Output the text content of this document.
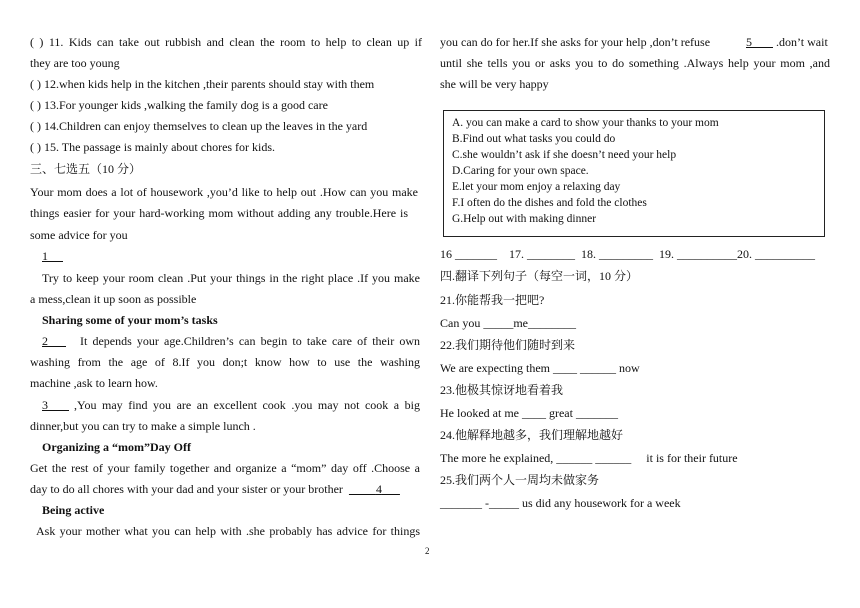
( ) 11. Kids can take out rubbish and clean the room to help to clean up if
they are too young
( ) 12.when kids help in the kitchen ,their parents should stay with them
( ) 13.For younger kids ,walking the family dog is a good care
( ) 14.Children can enjoy themselves to clean up the leaves in the yard
( ) 15. The passage is mainly about chores for kids.
三、七选五（10 分）
Your mom does a lot of housework ,you’d like to help out .How can you make
things easier for your hard-working mom without adding any trouble.Here is
some advice for you
1
Try to keep your room clean .Put your things in the right place .If you make
a mess,clean it up soon as possible
Sharing some of your mom’s tasks
2	It depends your age.Children’s can begin to take care of their own
washing from the age of 8.If you don;t know how to use the washing
machine ,ask to learn how.
3	,You may find you are an excellent cook .you may not cook a big
dinner,but you can try to make a simple lunch .
Organizing a “mom”Day Off
Get the rest of your family together and organize a “mom” day off .Choose a
day to do all chores with your dad and your sister or your brother	4
Being active
Ask your mother what you can help with .she probably has advice for things
you can do for her.If she asks for your help ,don’t refuse	5	.don’t wait
until she tells you or asks you to do something .Always help your mom ,and
she will be very happy
A. you can make a card to show your thanks to your mom
B.Find out what tasks you could do
C.she wouldn’t ask if she doesn’t need your help
D.Caring for your own space.
E.let your mom enjoy a relaxing day
F.I often do the dishes and fold the clothes
G.Help out with making dinner
16 _______    17. ________  18. _________  19. __________20. __________
四.翻译下列句子（每空一词，10 分）
21.你能帮我一把吧?
Can you _____me________
22.我们期待他们随时到来
We are expecting them ____ ______ now
23.他极其惊讶地看着我
He looked at me ____ great _______
24.他解释地越多，我们理解地越好
The more he explained, ______ ______     it is for their future
25.我们两个人一周均未做家务
_______ -_____ us did any housework for a week
2
